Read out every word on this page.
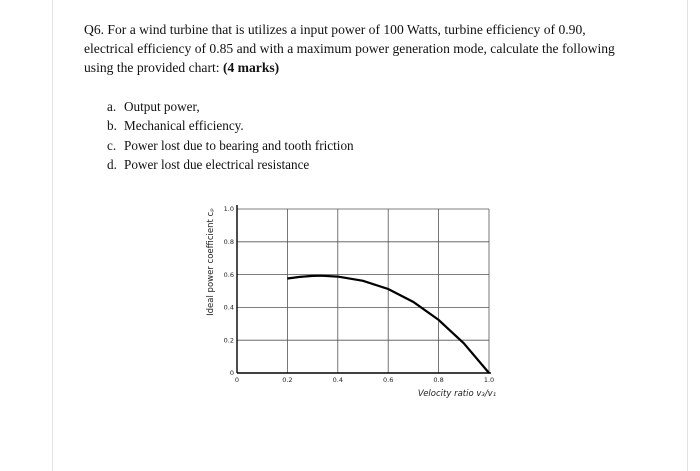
Q6. For a wind turbine that is utilizes a input power of 100 Watts, turbine efficiency of 0.90, electrical efficiency of 0.85 and with a maximum power generation mode, calculate the following using the provided chart: (4 marks)

a. Output power,
b. Mechanical efficiency.
c. Power lost due to bearing and tooth friction
d. Power lost due electrical resistance
0	0.2	0.4	0.6	0.8	1.0
0
0.2
0.4
0.6
0.8
1.0
Ideal power coefficient cₚ
Velocity ratio v₃/v₁
